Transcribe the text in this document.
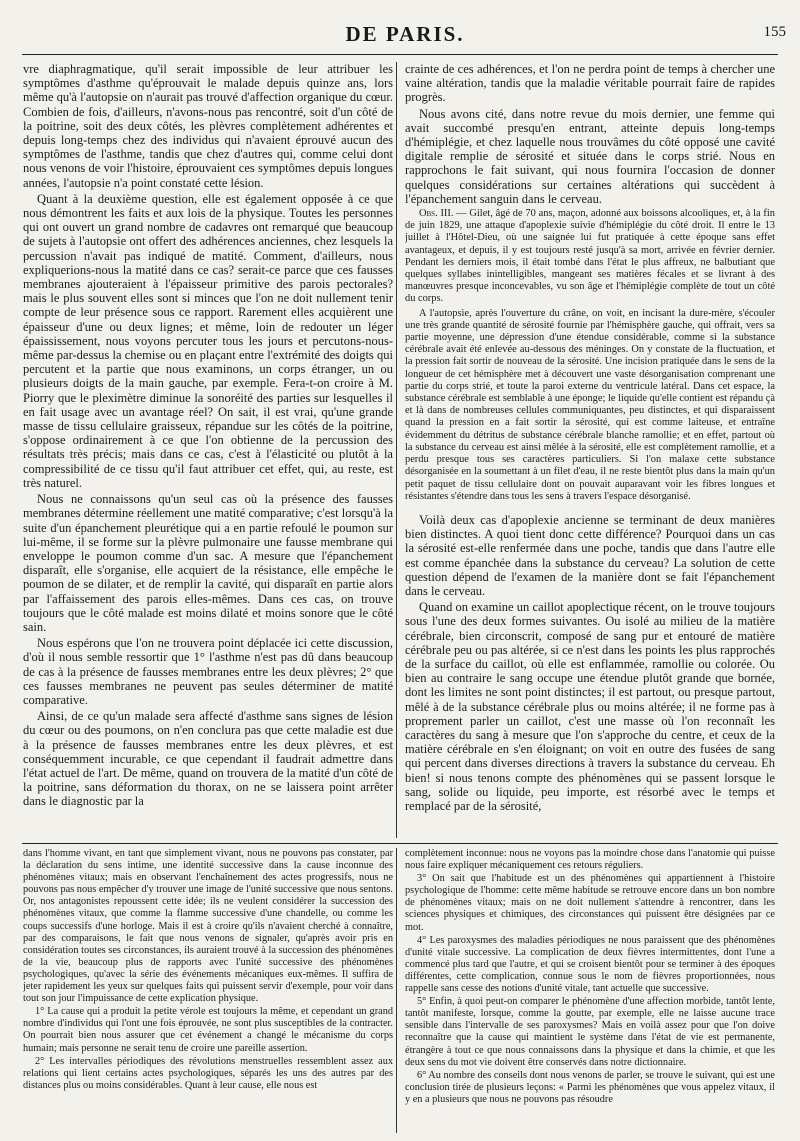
DE PARIS.	155

vre diaphragmatique, qu'il serait impossible de leur attribuer les symptômes d'asthme qu'éprouvait le malade depuis quinze ans, lors même qu'à l'autopsie on n'aurait pas trouvé d'affection organique du cœur. Combien de fois, d'ailleurs, n'avons-nous pas rencontré, soit d'un côté de la poitrine, soit des deux côtés, les plèvres complètement adhérentes et depuis long-temps chez des individus qui n'avaient éprouvé aucun des symptômes de l'asthme, tandis que chez d'autres qui, comme celui dont nous venons de voir l'histoire, éprouvaient ces symptômes depuis longues années, l'autopsie n'a point constaté cette lésion.

Quant à la deuxième question, elle est également opposée à ce que nous démontrent les faits et aux lois de la physique. Toutes les personnes qui ont ouvert un grand nombre de cadavres ont remarqué que beaucoup de sujets à l'autopsie ont offert des adhérences anciennes, chez lesquels la percussion n'avait pas indiqué de matité. Comment, d'ailleurs, nous expliquerions-nous la matité dans ce cas? serait-ce parce que ces fausses membranes ajouteraient à l'épaisseur primitive des parois pectorales? mais le plus souvent elles sont si minces que l'on ne doit nullement tenir compte de leur présence sous ce rapport. Rarement elles acquièrent une épaisseur d'une ou deux lignes; et même, loin de redouter un léger épaississement, nous voyons percuter tous les jours et percutons-nous-même par-dessus la chemise ou en plaçant entre l'extrémité des doigts qui percutent et la partie que nous examinons, un corps étranger, un ou plusieurs doigts de la main gauche, par exemple. Fera-t-on croire à M. Piorry que le pleximètre diminue la sonoréité des parties sur lesquelles il en fait usage avec un avantage réel? On sait, il est vrai, qu'une grande masse de tissu cellulaire graisseux, répandue sur les côtés de la poitrine, s'oppose ordinairement à ce que l'on obtienne de la percussion des résultats très précis; mais dans ce cas, c'est à l'élasticité ou plutôt à la compressibilité de ce tissu qu'il faut attribuer cet effet, qui, au reste, est très naturel.

Nous ne connaissons qu'un seul cas où la présence des fausses membranes détermine réellement une matité comparative; c'est lorsqu'à la suite d'un épanchement pleurétique qui a en partie refoulé le poumon sur lui-même, il se forme sur la plèvre pulmonaire une fausse membrane qui enveloppe le poumon comme d'un sac. A mesure que l'épanchement disparaît, elle s'organise, elle acquiert de la résistance, elle empêche le poumon de se dilater, et de remplir la cavité, qui disparaît en partie alors par l'affaissement des parois elles-mêmes. Dans ces cas, on trouve toujours que le côté malade est moins dilaté et moins sonore que le côté sain.

Nous espérons que l'on ne trouvera point déplacée ici cette discussion, d'où il nous semble ressortir que 1° l'asthme n'est pas dû dans beaucoup de cas à la présence de fausses membranes entre les deux plèvres; 2° que ces fausses membranes ne peuvent pas seules déterminer de matité comparative.

Ainsi, de ce qu'un malade sera affecté d'asthme sans signes de lésion du cœur ou des poumons, on n'en conclura pas que cette maladie est due à la présence de fausses membranes entre les deux plèvres, et est conséquemment incurable, ce que cependant il faudrait admettre dans l'état actuel de l'art. De même, quand on trouvera de la matité d'un côté de la poitrine, sans déformation du thorax, on ne se laissera point arrêter dans le diagnostic par la

crainte de ces adhérences, et l'on ne perdra point de temps à chercher une vaine altération, tandis que la maladie véritable pourrait faire de rapides progrès.

Nous avons cité, dans notre revue du mois dernier, une femme qui avait succombé presqu'en entrant, atteinte depuis long-temps d'hémiplégie, et chez laquelle nous trouvâmes du côté opposé une cavité digitale remplie de sérosité et située dans le corps strié. Nous en rapprochons le fait suivant, qui nous fournira l'occasion de donner quelques considérations sur certaines altérations qui succèdent à l'épanchement sanguin dans le cerveau.

Obs. III. — Gilet, âgé de 70 ans, maçon, adonné aux boissons alcooliques, et, à la fin de juin 1829, une attaque d'apoplexie suivie d'hémiplégie du côté droit. Il entre le 13 juillet à l'Hôtel-Dieu, où une saignée lui fut pratiquée à cette époque sans effet avantageux, et depuis, il y est toujours resté jusqu'à sa mort, arrivée en février dernier. Pendant les derniers mois, il était tombé dans l'état le plus affreux, ne balbutiant que quelques syllabes inintelligibles, mangeant ses matières fécales et se livrant à des manœuvres presque inconcevables, vu son âge et l'hémiplégie complète de tout un côté du corps.

A l'autopsie, après l'ouverture du crâne, on voit, en incisant la dure-mère, s'écouler une très grande quantité de sérosité fournie par l'hémisphère gauche, qui offrait, vers sa partie moyenne, une dépression d'une étendue considérable, comme si la substance cérébrale avait été enlevée au-dessous des méninges. On y constate de la fluctuation, et la pression fait sortir de nouveau de la sérosité. Une incision pratiquée dans le sens de la longueur de cet hémisphère met à découvert une vaste désorganisation comprenant une partie du corps strié, et toute la paroi externe du ventricule latéral. Dans cet espace, la substance cérébrale est semblable à une éponge; le liquide qu'elle contient est répandu çà et là dans de nombreuses cellules communiquantes, peu distinctes, et qui disparaissent quand la pression en a fait sortir la sérosité, qui est comme laiteuse, et entraîne évidemment du détritus de substance cérébrale blanche ramollie; et en effet, partout où la substance du cerveau est ainsi mêlée à la sérosité, elle est complètement ramollie, et a perdu presque tous ses caractères particuliers. Si l'on malaxe cette substance désorganisée en la soumettant à un filet d'eau, il ne reste bientôt plus dans la main qu'un petit paquet de tissu cellulaire dont on pouvait auparavant voir les fibres longues et résistantes s'étendre dans tous les sens à travers l'espace désorganisé.

Voilà deux cas d'apoplexie ancienne se terminant de deux manières bien distinctes. A quoi tient donc cette différence? Pourquoi dans un cas la sérosité est-elle renfermée dans une poche, tandis que dans l'autre elle est comme épanchée dans la substance du cerveau? La solution de cette question dépend de l'examen de la manière dont se fait l'épanchement dans le cerveau.

Quand on examine un caillot apoplectique récent, on le trouve toujours sous l'une des deux formes suivantes. Ou isolé au milieu de la matière cérébrale, bien circonscrit, composé de sang pur et entouré de matière cérébrale peu ou pas altérée, si ce n'est dans les points les plus rapprochés de la surface du caillot, où elle est enflammée, ramollie ou colorée. Ou bien au contraire le sang occupe une étendue plutôt grande que bornée, dont les limites ne sont point distinctes; il est partout, ou presque partout, mêlé à de la substance cérébrale plus ou moins altérée; il ne forme pas à proprement parler un caillot, c'est une masse où l'on reconnaît les caractères du sang à mesure que l'on s'approche du centre, et ceux de la matière cérébrale en s'en éloignant; on voit en outre des fusées de sang qui percent dans diverses directions à travers la substance du cerveau. Eh bien! si nous tenons compte des phénomènes qui se passent lorsque le sang, solide ou liquide, peu importe, est résorbé avec le temps et remplacé par de la sérosité,

dans l'homme vivant, en tant que simplement vivant, nous ne pouvons pas constater, par la déclaration du sens intime, une identité successive dans la cause inconnue des phénomènes vitaux; mais en observant l'enchaînement des actes progressifs, nous ne pouvons pas nous empêcher d'y trouver une image de l'unité successive que nous sentons. Or, nos antagonistes repoussent cette idée; ils ne veulent considérer la succession des phénomènes vitaux, que comme la flamme successive d'une chandelle, ou comme les coups successifs d'une horloge. Mais il est à croire qu'ils n'avaient cherché à connaître, par des comparaisons, le fait que nous venons de signaler, qu'après avoir pris en considération toutes ses circonstances, ils auraient trouvé à la succession des phénomènes de la vie, beaucoup plus de rapports avec l'unité successive des phénomènes psychologiques, qu'avec la série des événements mécaniques eux-mêmes. Il suffira de jeter rapidement les yeux sur quelques faits qui puissent servir d'exemple, pour voir dans tout son jour l'impuissance de cette explication physique.

1° La cause qui a produit la petite vérole est toujours la même, et cependant un grand nombre d'individus qui l'ont une fois éprouvée, ne sont plus susceptibles de la contracter. On pourrait bien nous assurer que cet événement a changé le mécanisme du corps humain; mais personne ne serait tenu de croire une pareille assertion.

2° Les intervalles périodiques des révolutions menstruelles ressemblent assez aux relations qui lient certains actes psychologiques, séparés les uns des autres par des distances plus ou moins considérables. Quant à leur cause, elle nous est

complètement inconnue: nous ne voyons pas la moindre chose dans l'anatomie qui puisse nous faire expliquer mécaniquement ces retours réguliers.

3° On sait que l'habitude est un des phénomènes qui appartiennent à l'histoire psychologique de l'homme: cette même habitude se retrouve encore dans un bon nombre de phénomènes vitaux; mais on ne doit nullement s'attendre à rencontrer, dans les sciences physiques et chimiques, des circonstances qui puissent être désignées par ce mot.

4° Les paroxysmes des maladies périodiques ne nous paraissent que des phénomènes d'unité vitale successive. La complication de deux fièvres intermittentes, dont l'une a commencé plus tard que l'autre, et qui se croisent bientôt pour se terminer à des époques différentes, cette complication, connue sous le nom de fièvres proportionnées, nous rappelle sans cesse des notions d'unité vitale, tant actuelle que successive.

5° Enfin, à quoi peut-on comparer le phénomène d'une affection morbide, tantôt lente, tantôt manifeste, lorsque, comme la goutte, par exemple, elle ne laisse aucune trace sensible dans l'intervalle de ses paroxysmes? Mais en voilà assez pour que l'on doive reconnaître que la cause qui maintient le système dans l'état de vie est permanente, étrangère à tout ce que nous connaissons dans la physique et dans la chimie, et que les deux sens du mot vie doivent être conservés dans notre dictionnaire.

6° Au nombre des conseils dont nous venons de parler, se trouve le suivant, qui est une conclusion tirée de plusieurs leçons: « Parmi les phénomènes que vous appelez vitaux, il y en a plusieurs que nous ne pouvons pas résoudre
